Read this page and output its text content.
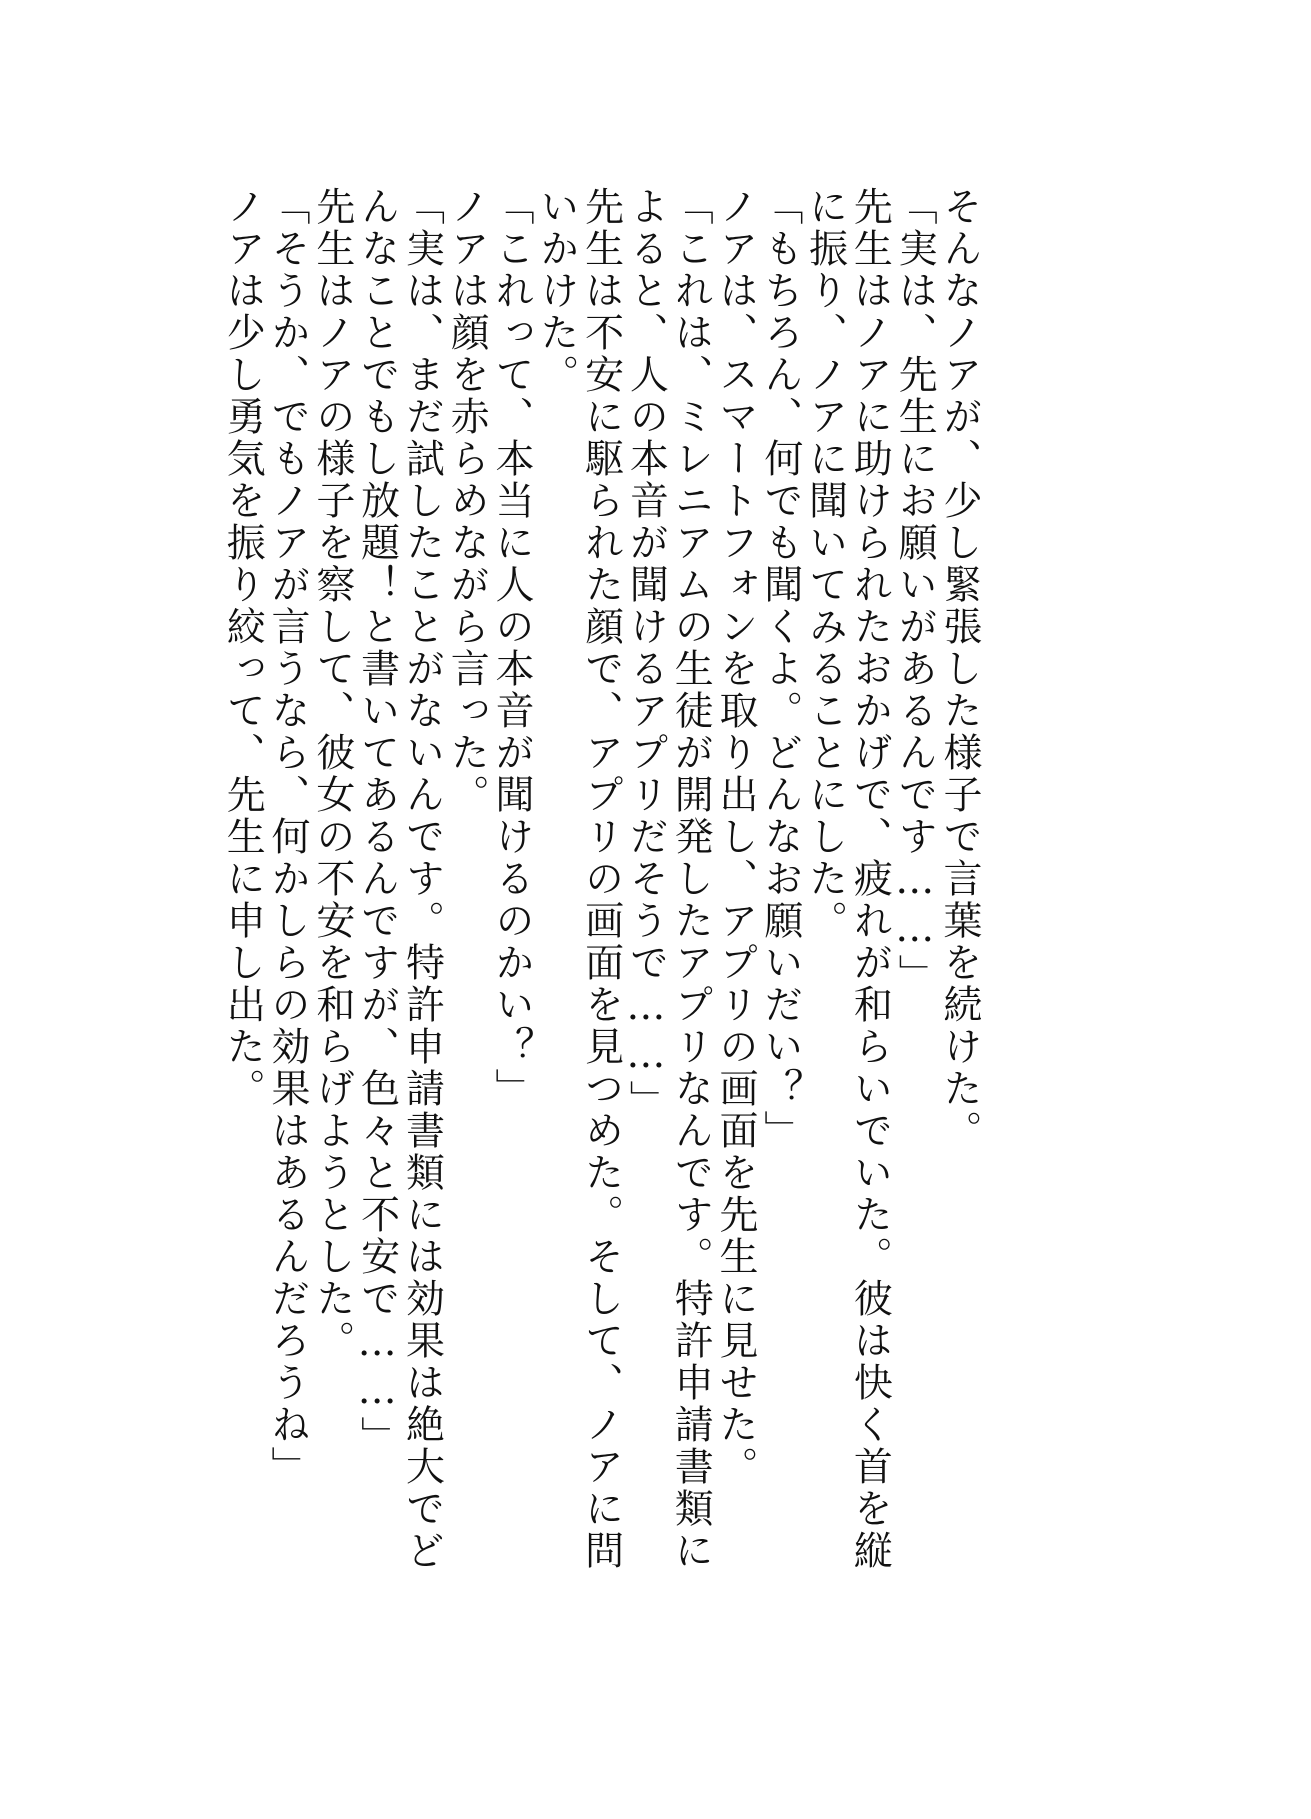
そんなノアが、少し緊張した様子で言葉を続けた。

「実は、先生にお願いがあるんです……」

先生はノアに助けられたおかげで、疲れが和らいでいた。彼は快く首を縦に振り、ノアに聞いてみることにした。

「もちろん、何でも聞くよ。どんなお願いだい？」

ノアは、スマートフォンを取り出し、アプリの画面を先生に見せた。

「これは、ミレニアムの生徒が開発したアプリなんです。特許申請書類によると、人の本音が聞けるアプリだそうで……」

先生は不安に駆られた顔で、アプリの画面を見つめた。そして、ノアに問いかけた。

「これって、本当に人の本音が聞けるのかい？」

ノアは顔を赤らめながら言った。

「実は、まだ試したことがないんです。特許申請書類には効果は絶大でどんなことでもし放題！と書いてあるんですが、色々と不安で……」

先生はノアの様子を察して、彼女の不安を和らげようとした。

「そうか、でもノアが言うなら、何かしらの効果はあるんだろうね」

ノアは少し勇気を振り絞って、先生に申し出た。
